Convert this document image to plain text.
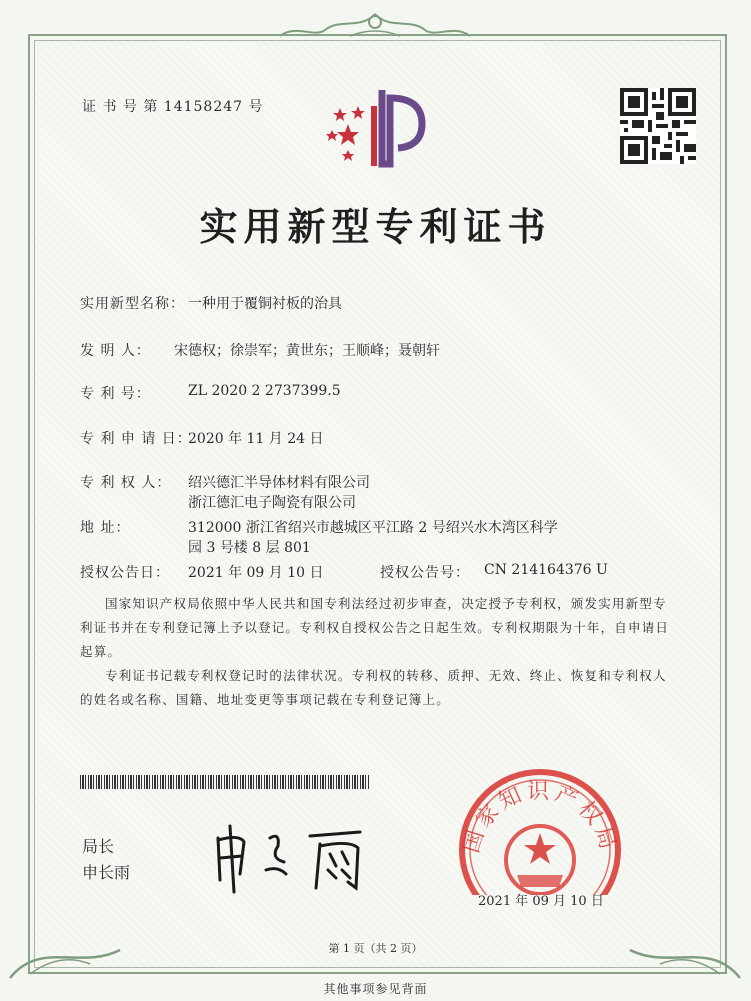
证 书 号 第 14158247 号
实用新型专利证书
实用新型名称： 一种用于覆铜衬板的治具
发 明 人： 宋德权；徐崇军；黄世东；王顺峰；聂朝轩
专 利 号：	ZL 2020 2 2737399.5
专 利 申 请 日：
2020 年 11 月 24 日
专 利 权 人： 绍兴德汇半导体材料有限公司
浙江德汇电子陶瓷有限公司
地 址：	312000 浙江省绍兴市越城区平江路 2 号绍兴水木湾区科学
园 3 号楼 8 层 801
授权公告日： 2021 年 09 月 10 日	授权公告号： CN 214164376 U
国家知识产权局依照中华人民共和国专利法经过初步审查，决定授予专利权，颁发实用新型专利证书并在专利登记簿上予以登记。专利权自授权公告之日起生效。专利权期限为十年，自申请日起算。
专利证书记载专利权登记时的法律状况。专利权的转移、质押、无效、终止、恢复和专利权人的姓名或名称、国籍、地址变更等事项记载在专利登记簿上。
局长
申长雨
国家知识产权局
2021 年 09 月 10 日
第 1 页（共 2 页）
其他事项参见背面
